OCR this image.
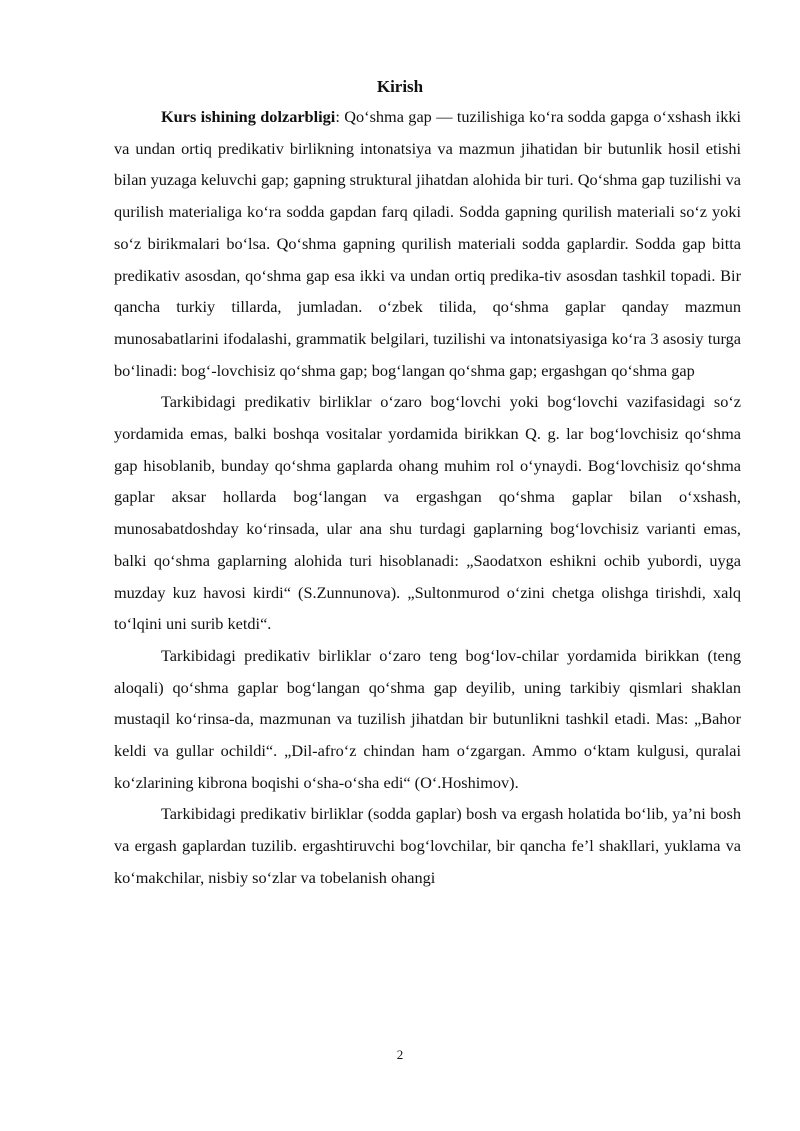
Kirish

Kurs ishining dolzarbligi: Qo‘shma gap — tuzilishiga ko‘ra sodda gapga o‘xshash ikki va undan ortiq predikativ birlikning intonatsiya va mazmun jihatidan bir butunlik hosil etishi bilan yuzaga keluvchi gap; gapning struktural jihatdan alohida bir turi. Qo‘shma gap tuzilishi va qurilish materialiga ko‘ra sodda gapdan farq qiladi. Sodda gapning qurilish materiali so‘z yoki so‘z birikmalari bo‘lsa. Qo‘shma gapning qurilish materiali sodda gaplardir. Sodda gap bitta predikativ asosdan, qo‘shma gap esa ikki va undan ortiq predika-tiv asosdan tashkil topadi. Bir qancha turkiy tillarda, jumladan. o‘zbek tilida, qo‘shma gaplar qanday mazmun munosabatlarini ifodalashi, grammatik belgilari, tuzilishi va intonatsiyasiga ko‘ra 3 asosiy turga bo‘linadi: bog‘-lovchisiz qo‘shma gap; bog‘langan qo‘shma gap; ergashgan qo‘shma gap

Tarkibidagi predikativ birliklar o‘zaro bog‘lovchi yoki bog‘lovchi vazifasidagi so‘z yordamida emas, balki boshqa vositalar yordamida birikkan Q. g. lar bog‘lovchisiz qo‘shma gap hisoblanib, bunday qo‘shma gaplarda ohang muhim rol o‘ynaydi. Bog‘lovchisiz qo‘shma gaplar aksar hollarda bog‘langan va ergashgan qo‘shma gaplar bilan o‘xshash, munosabatdoshday ko‘rinsada, ular ana shu turdagi gaplarning bog‘lovchisiz varianti emas, balki qo‘shma gaplarning alohida turi hisoblanadi: „Saodatxon eshikni ochib yubordi, uyga muzday kuz havosi kirdi“ (S.Zunnunova). „Sultonmurod o‘zini chetga olishga tirishdi, xalq to‘lqini uni surib ketdi“.

Tarkibidagi predikativ birliklar o‘zaro teng bog‘lov-chilar yordamida birikkan (teng aloqali) qo‘shma gaplar bog‘langan qo‘shma gap deyilib, uning tarkibiy qismlari shaklan mustaqil ko‘rinsa-da, mazmunan va tuzilish jihatdan bir butunlikni tashkil etadi. Mas: „Bahor keldi va gullar ochildi“. „Dil-afro‘z chindan ham o‘zgargan. Ammo o‘ktam kulgusi, quralai ko‘zlarining kibrona boqishi o‘sha-o‘sha edi“ (O‘.Hoshimov).

Tarkibidagi predikativ birliklar (sodda gaplar) bosh va ergash holatida bo‘lib, ya’ni bosh va ergash gaplardan tuzilib. ergashtiruvchi bog‘lovchilar, bir qancha fe’l shakllari, yuklama va ko‘makchilar, nisbiy so‘zlar va tobelanish ohangi

2
